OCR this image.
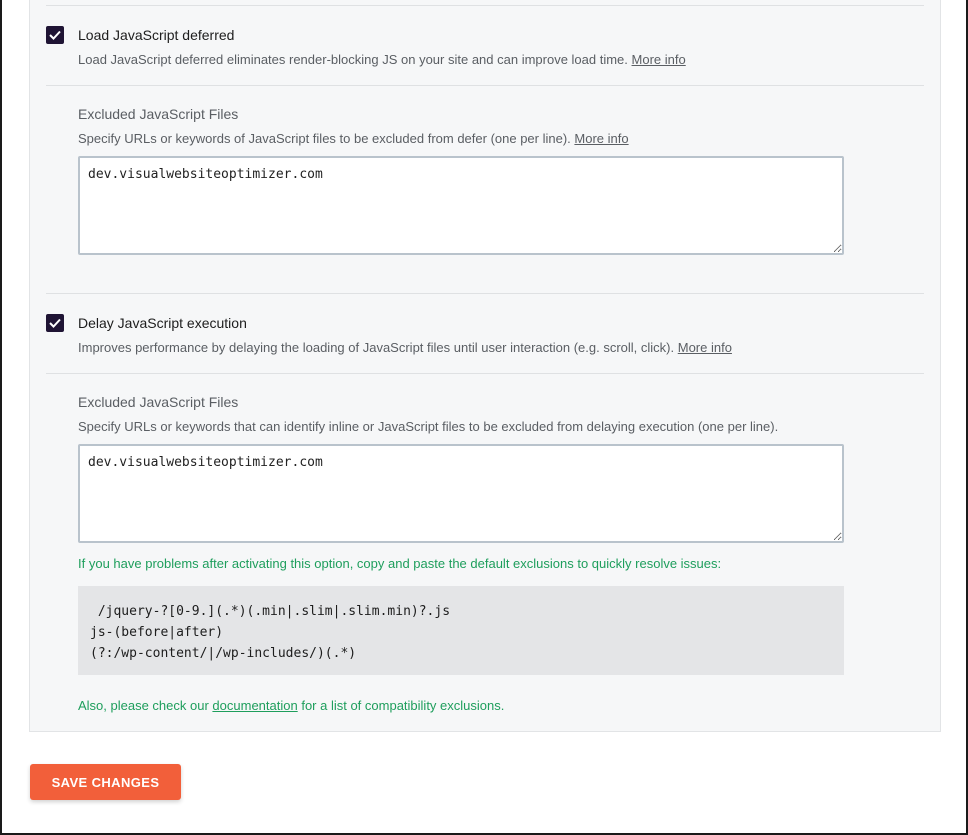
Load JavaScript deferred
Load JavaScript deferred eliminates render-blocking JS on your site and can improve load time. More info
Excluded JavaScript Files
Specify URLs or keywords of JavaScript files to be excluded from defer (one per line). More info
dev.visualwebsiteoptimizer.com
Delay JavaScript execution
Improves performance by delaying the loading of JavaScript files until user interaction (e.g. scroll, click). More info
Excluded JavaScript Files
Specify URLs or keywords that can identify inline or JavaScript files to be excluded from delaying execution (one per line).
dev.visualwebsiteoptimizer.com
If you have problems after activating this option, copy and paste the default exclusions to quickly resolve issues:
/jquery-?[0-9.](.*)(.min|.slim|.slim.min)?.js
js-(before|after)
(?:/wp-content/|/wp-includes/)(.*)
Also, please check our documentation for a list of compatibility exclusions.
SAVE CHANGES
